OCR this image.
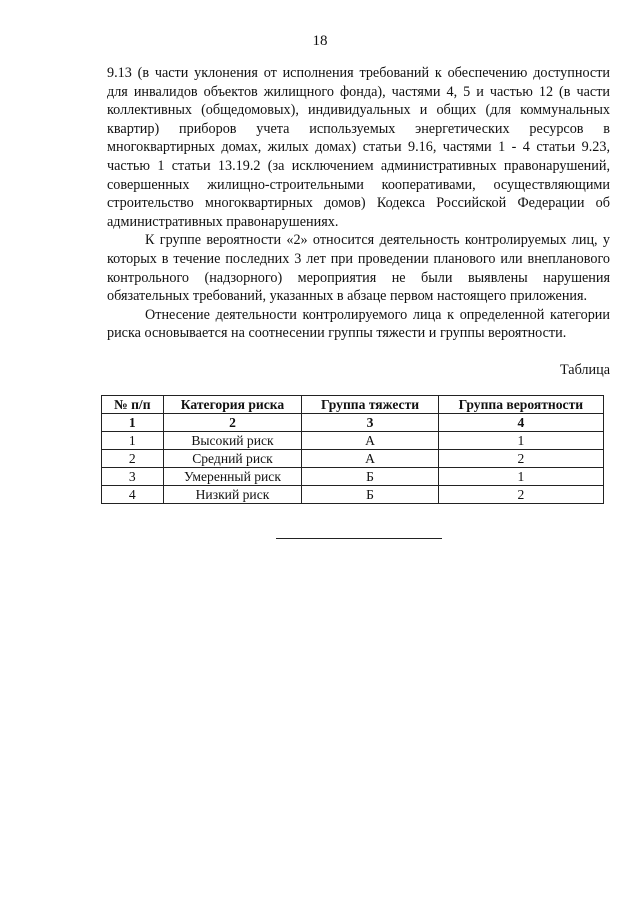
18

9.13 (в части уклонения от исполнения требований к обеспечению доступности для инвалидов объектов жилищного фонда), частями 4, 5 и частью 12 (в части коллективных (общедомовых), индивидуальных и общих (для коммунальных квартир) приборов учета используемых энергетических ресурсов в многоквартирных домах, жилых домах) статьи 9.16, частями 1 - 4 статьи 9.23, частью 1 статьи 13.19.2 (за исключением административных правонарушений, совершенных жилищно-строительными кооперативами, осуществляющими строительство многоквартирных домов) Кодекса Российской Федерации об административных правонарушениях.

К группе вероятности «2» относится деятельность контролируемых лиц, у которых в течение последних 3 лет при проведении планового или внепланового контрольного (надзорного) мероприятия не были выявлены нарушения обязательных требований, указанных в абзаце первом настоящего приложения.

Отнесение деятельности контролируемого лица к определенной категории риска основывается на соотнесении группы тяжести и группы вероятности.

Таблица
№ п/п	Категория риска	Группа тяжести	Группа вероятности
1	2	3	4
1	Высокий риск	А	1
2	Средний риск	А	2
3	Умеренный риск	Б	1
4	Низкий риск	Б	2
